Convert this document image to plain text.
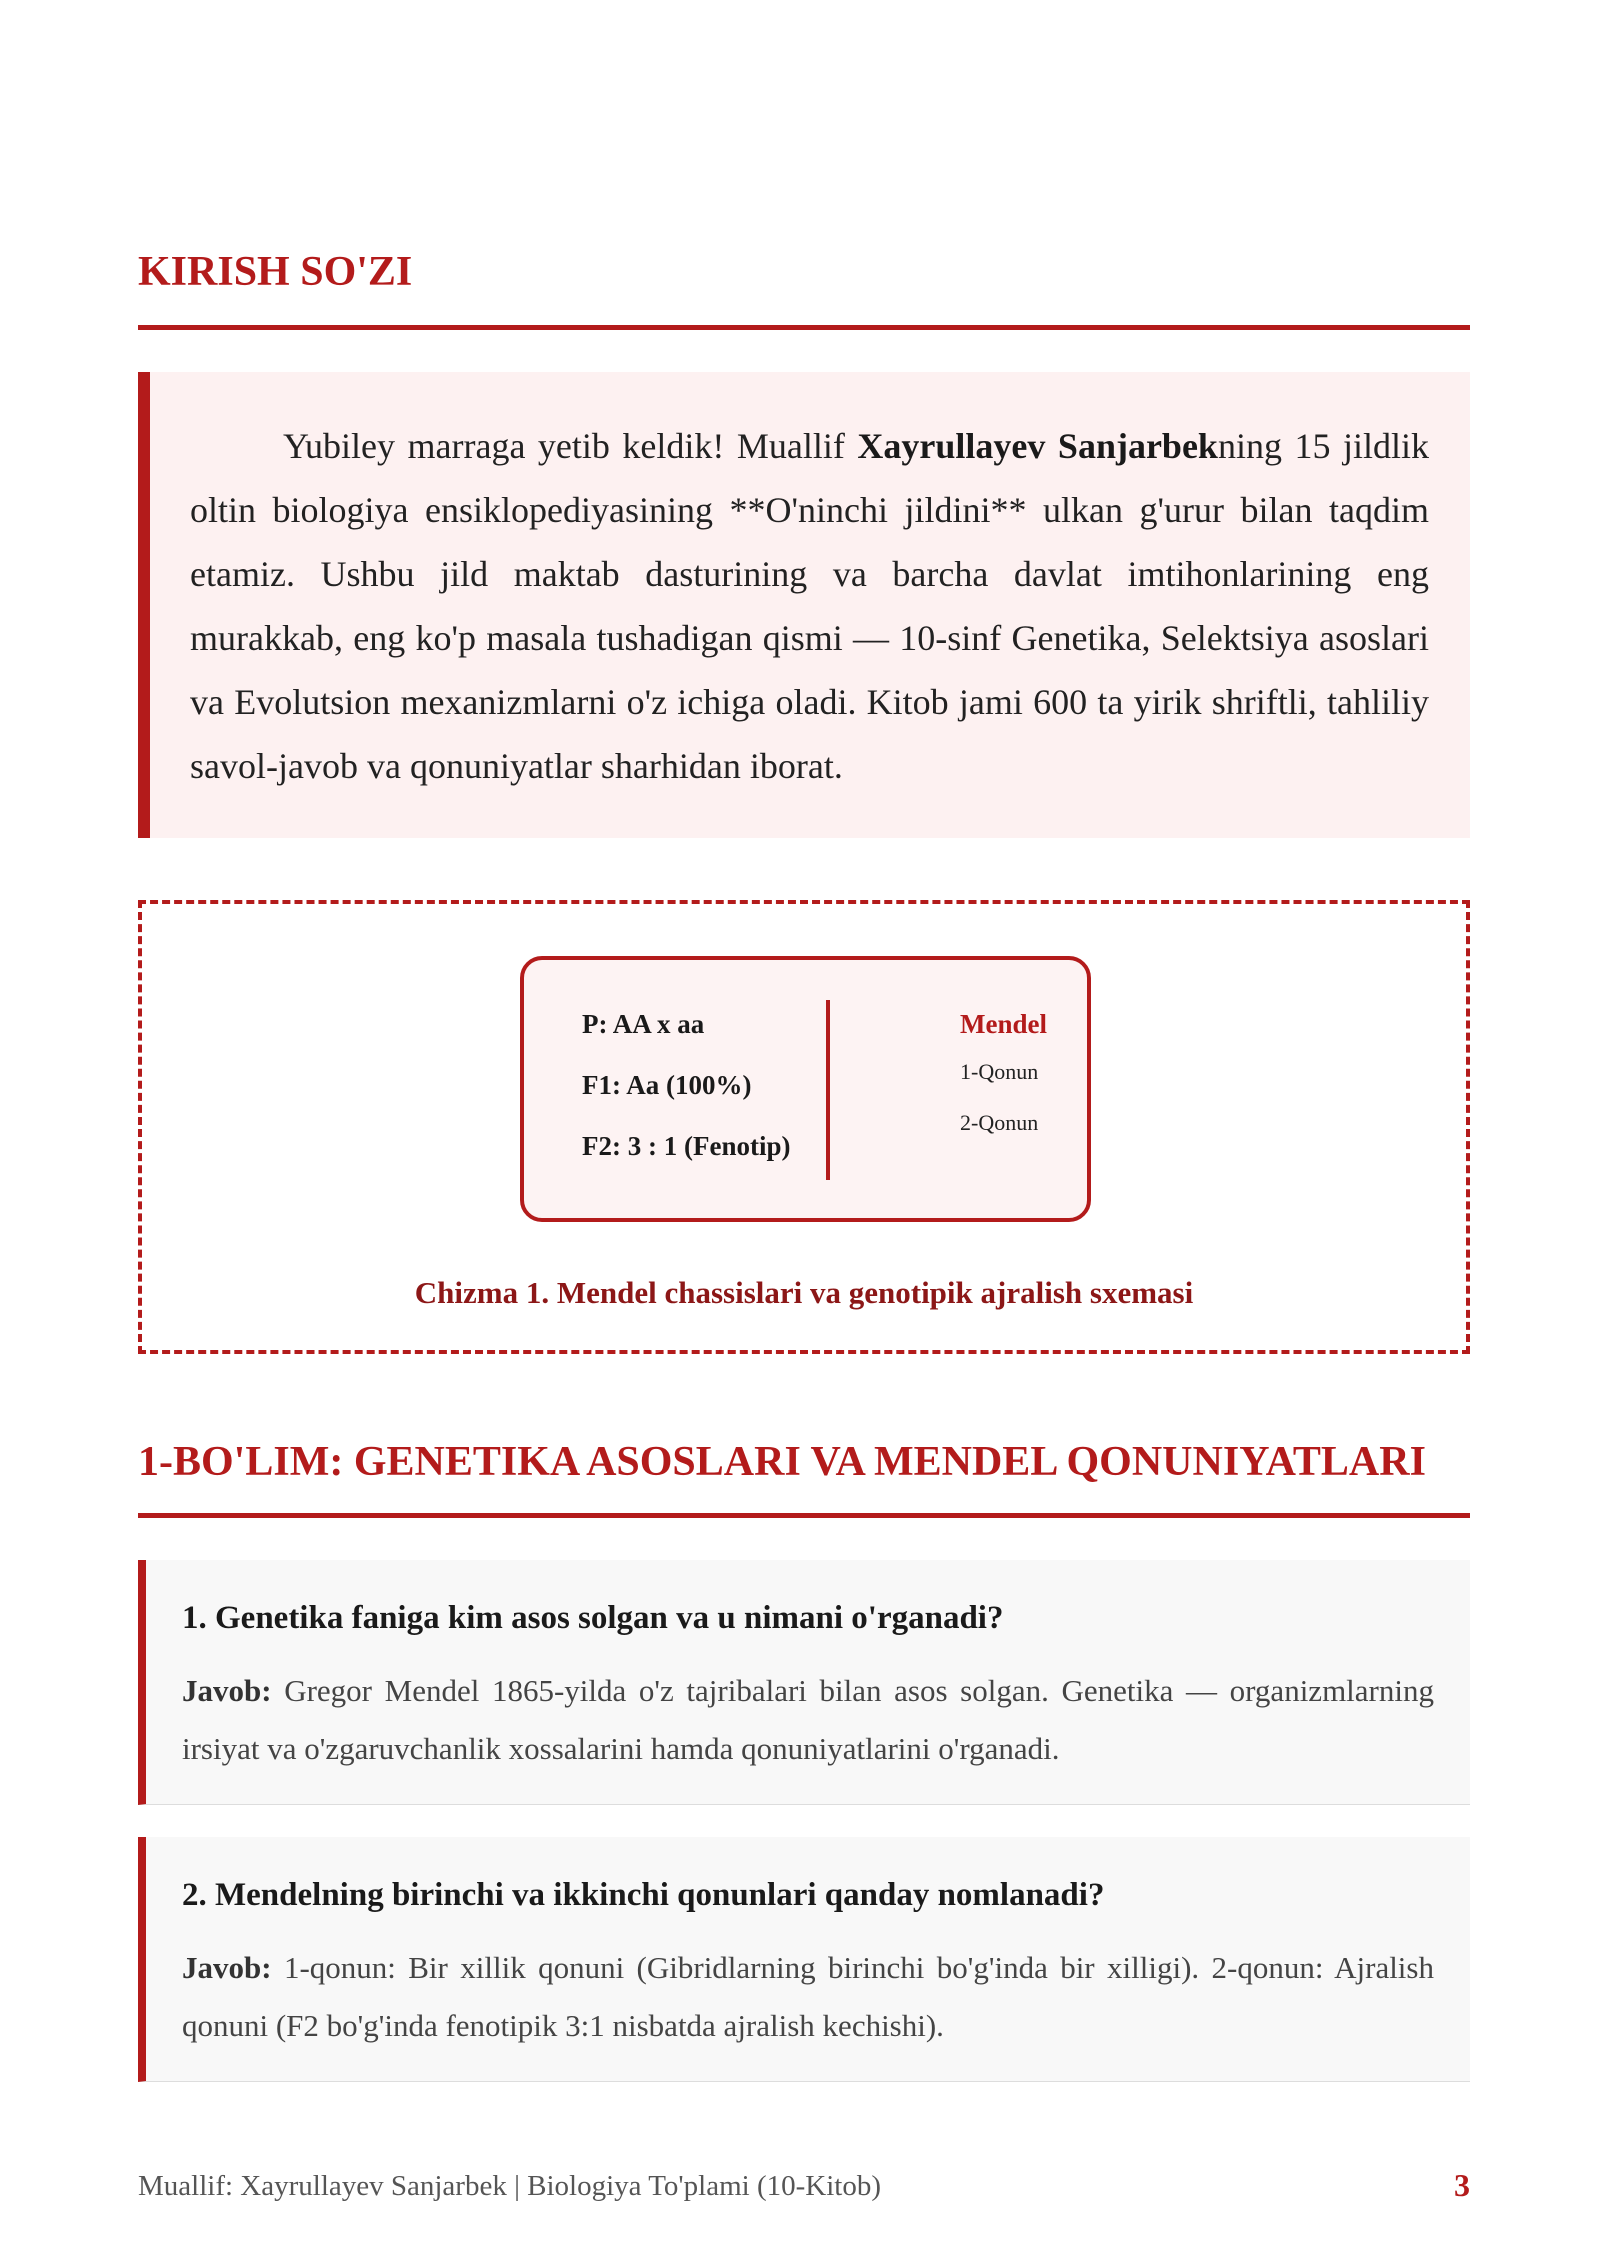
KIRISH SO'ZI

Yubiley marraga yetib keldik! Muallif Xayrullayev Sanjarbekning 15 jildlik oltin biologiya ensiklopediyasining **O'ninchi jildini** ulkan g'urur bilan taqdim etamiz. Ushbu jild maktab dasturining va barcha davlat imtihonlarining eng murakkab, eng ko'p masala tushadigan qismi — 10-sinf Genetika, Selektsiya asoslari va Evolutsion mexanizmlarni o'z ichiga oladi. Kitob jami 600 ta yirik shriftli, tahliliy savol-javob va qonuniyatlar sharhidan iborat.

P: AA x aa

F1: Aa (100%)

F2: 3 : 1 (Fenotip)

Mendel

1-Qonun

2-Qonun

Chizma 1. Mendel chassislari va genotipik ajralish sxemasi
1-BO'LIM: GENETIKA ASOSLARI VA MENDEL QONUNIYATLARI

1. Genetika faniga kim asos solgan va u nimani o'rganadi?

Javob: Gregor Mendel 1865-yilda o'z tajribalari bilan asos solgan. Genetika — organizmlarning irsiyat va o'zgaruvchanlik xossalarini hamda qonuniyatlarini o'rganadi.

2. Mendelning birinchi va ikkinchi qonunlari qanday nomlanadi?

Javob: 1-qonun: Bir xillik qonuni (Gibridlarning birinchi bo'g'inda bir xilligi). 2-qonun: Ajralish qonuni (F2 bo'g'inda fenotipik 3:1 nisbatda ajralish kechishi).

Muallif: Xayrullayev Sanjarbek | Biologiya To'plami (10-Kitob)	3
